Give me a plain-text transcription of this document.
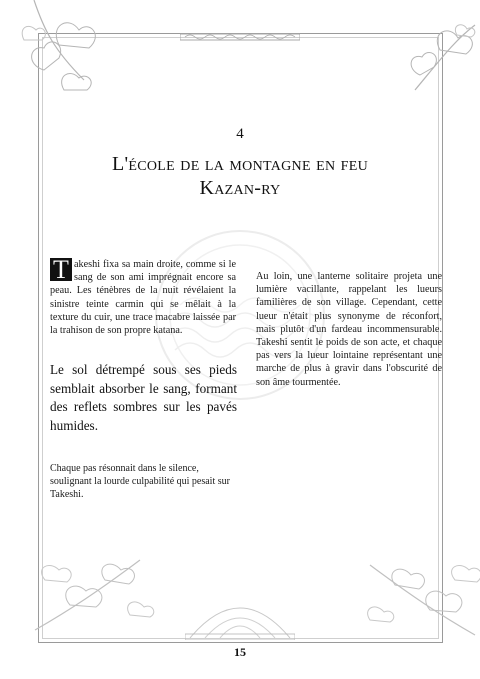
4
L'école de la montagne en feu
Kazan-ry
T akeshi fixa sa main droite, comme si le sang de son ami imprégnait encore sa peau. Les ténèbres de la nuit révélaient la sinistre teinte carmin qui se mêlait à la texture du cuir, une trace macabre laissée par la trahison de son propre katana.
Le sol détrempé sous ses pieds semblait absorber le sang, formant des reflets sombres sur les pavés humides.
Chaque pas résonnait dans le silence, soulignant la lourde culpabilité qui pesait sur Takeshi.
Au loin, une lanterne solitaire projeta une lumière vacillante, rappelant les lueurs familières de son village. Cependant, cette lueur n'était plus synonyme de réconfort, mais plutôt d'un fardeau incommensurable. Takeshi sentit le poids de son acte, et chaque pas vers la lueur lointaine représentant une marche de plus à gravir dans l'obscurité de son âme tourmentée.
15
